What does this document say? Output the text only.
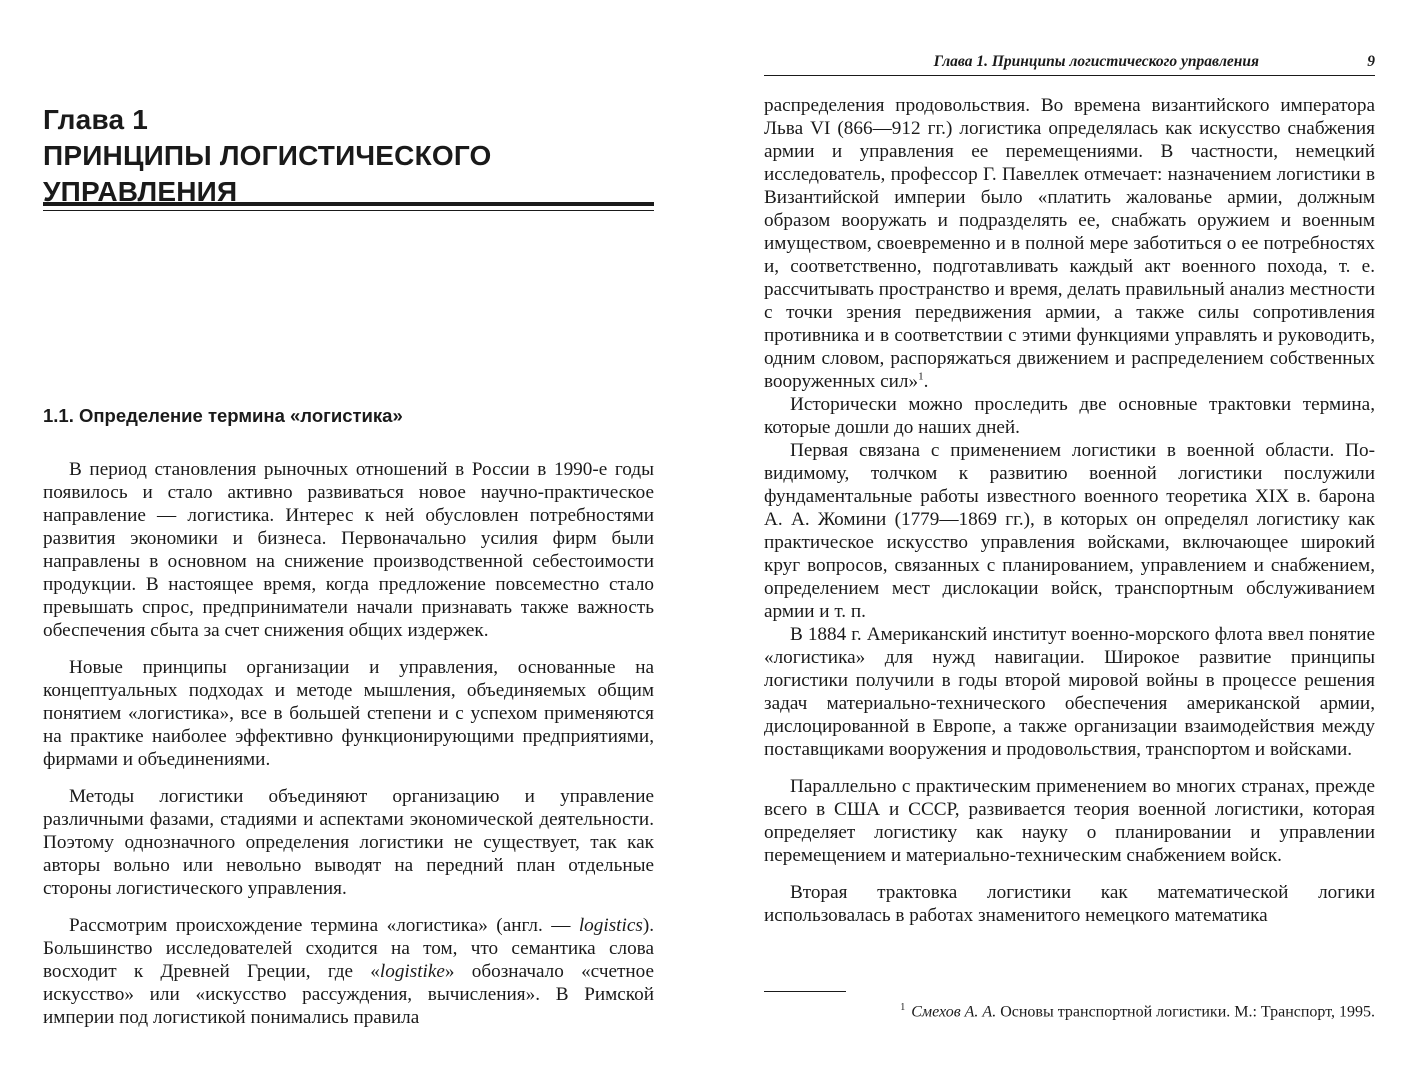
Глава 1

ПРИНЦИПЫ ЛОГИСТИЧЕСКОГО УПРАВЛЕНИЯ

1.1. Определение термина «логистика»

В период становления рыночных отношений в России в 1990-е годы появилось и стало активно развиваться новое научно-практическое направление — логистика. Интерес к ней обусловлен потребностями развития экономики и бизнеса. Первоначально усилия фирм были направлены в основном на снижение производственной себестоимости продукции. В настоящее время, когда предложение повсеместно стало превышать спрос, предприниматели начали признавать также важность обеспечения сбыта за счет снижения общих издержек.

Новые принципы организации и управления, основанные на концептуальных подходах и методе мышления, объединяемых общим понятием «логистика», все в большей степени и с успехом применяются на практике наиболее эффективно функционирующими предприятиями, фирмами и объединениями.

Методы логистики объединяют организацию и управление различными фазами, стадиями и аспектами экономической деятельности. Поэтому однозначного определения логистики не существует, так как авторы вольно или невольно выводят на передний план отдельные стороны логистического управления.

Рассмотрим происхождение термина «логистика» (англ. — logistics). Большинство исследователей сходится на том, что семантика слова восходит к Древней Греции, где «logistike» обозначало «счетное искусство» или «искусство рассуждения, вычисления». В Римской империи под логистикой понимались правила

Глава 1. Принципы логистического управления	9

распределения продовольствия. Во времена византийского императора Льва VI (866—912 гг.) логистика определялась как искусство снабжения армии и управления ее перемещениями. В частности, немецкий исследователь, профессор Г. Павеллек отмечает: назначением логистики в Византийской империи было «платить жалованье армии, должным образом вооружать и подразделять ее, снабжать оружием и военным имуществом, своевременно и в полной мере заботиться о ее потребностях и, соответственно, подготавливать каждый акт военного похода, т. е. рассчитывать пространство и время, делать правильный анализ местности с точки зрения передвижения армии, а также силы сопротивления противника и в соответствии с этими функциями управлять и руководить, одним словом, распоряжаться движением и распределением собственных вооруженных сил»$^1$.

Исторически можно проследить две основные трактовки термина, которые дошли до наших дней.

Первая связана с применением логистики в военной области. По-видимому, толчком к развитию военной логистики послужили фундаментальные работы известного военного теоретика XIX в. барона А. А. Жомини (1779—1869 гг.), в которых он определял логистику как практическое искусство управления войсками, включающее широкий круг вопросов, связанных с планированием, управлением и снабжением, определением мест дислокации войск, транспортным обслуживанием армии и т. п.

В 1884 г. Американский институт военно-морского флота ввел понятие «логистика» для нужд навигации. Широкое развитие принципы логистики получили в годы второй мировой войны в процессе решения задач материально-технического обеспечения американской армии, дислоцированной в Европе, а также организации взаимодействия между поставщиками вооружения и продовольствия, транспортом и войсками.

Параллельно с практическим применением во многих странах, прежде всего в США и СССР, развивается теория военной логистики, которая определяет логистику как науку о планировании и управлении перемещением и материально-техническим снабжением войск.

Вторая трактовка логистики как математической логики использовалась в работах знаменитого немецкого математика

$^1$ Смехов А. А. Основы транспортной логистики. М.: Транспорт, 1995.
